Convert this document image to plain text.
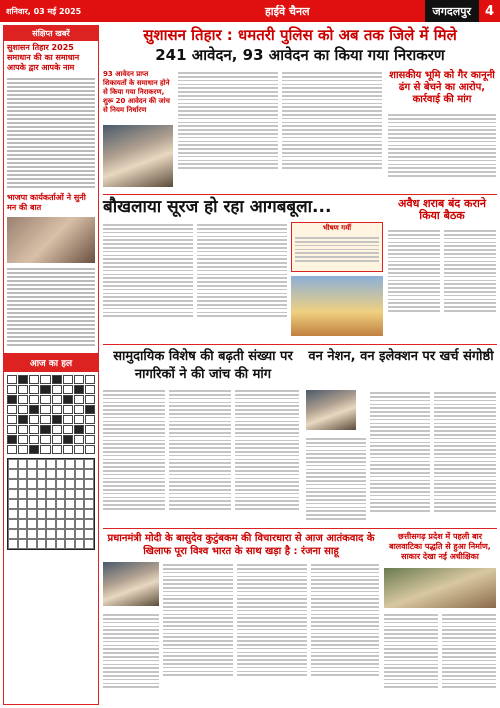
शनिवार, 03 मई 2025	हाईवे चैनल	जगदलपुर	4
संक्षिप्त खबरें
सुशासन तिहार 2025 समाधान की का समाधान आपके द्वार आपके नाम
भाजपा कार्यकर्ताओं ने सुनी मन की बात
आज का हल
सुशासन तिहार : धमतरी पुलिस को अब तक जिले में मिले
241 आवेदन, 93 आवेदन का किया गया निराकरण
93 आवेदन प्राप्त शिकायतों के समाधान होने से किया गया निराकरण, शुरू 20 आवेदन की जांच से नियम निर्धारण
शासकीय भूमि को गैर कानूनी ढंग से बेचने का आरोप, कार्रवाई की मांग
बौखलाया सूरज हो रहा आगबबूला...
भीषण गर्मी
अवैध शराब बंद कराने किया बैठक
सामुदायिक विशेष की बढ़ती संख्या पर नागरिकों ने की जांच की मांग
वन नेशन, वन इलेक्शन पर खर्च संगोष्ठी
प्रधानमंत्री मोदी के बासुदेव कुटुंबकम की विचारधारा से आज आतंकवाद के खिलाफ पूरा विश्व भारत के साथ खड़ा है : रंजना साहू
छत्तीसगढ़ प्रदेश में पहली बार बालवाटिका पद्धति से हुआ निर्माण, साकार देखा नई अधीक्षिका
